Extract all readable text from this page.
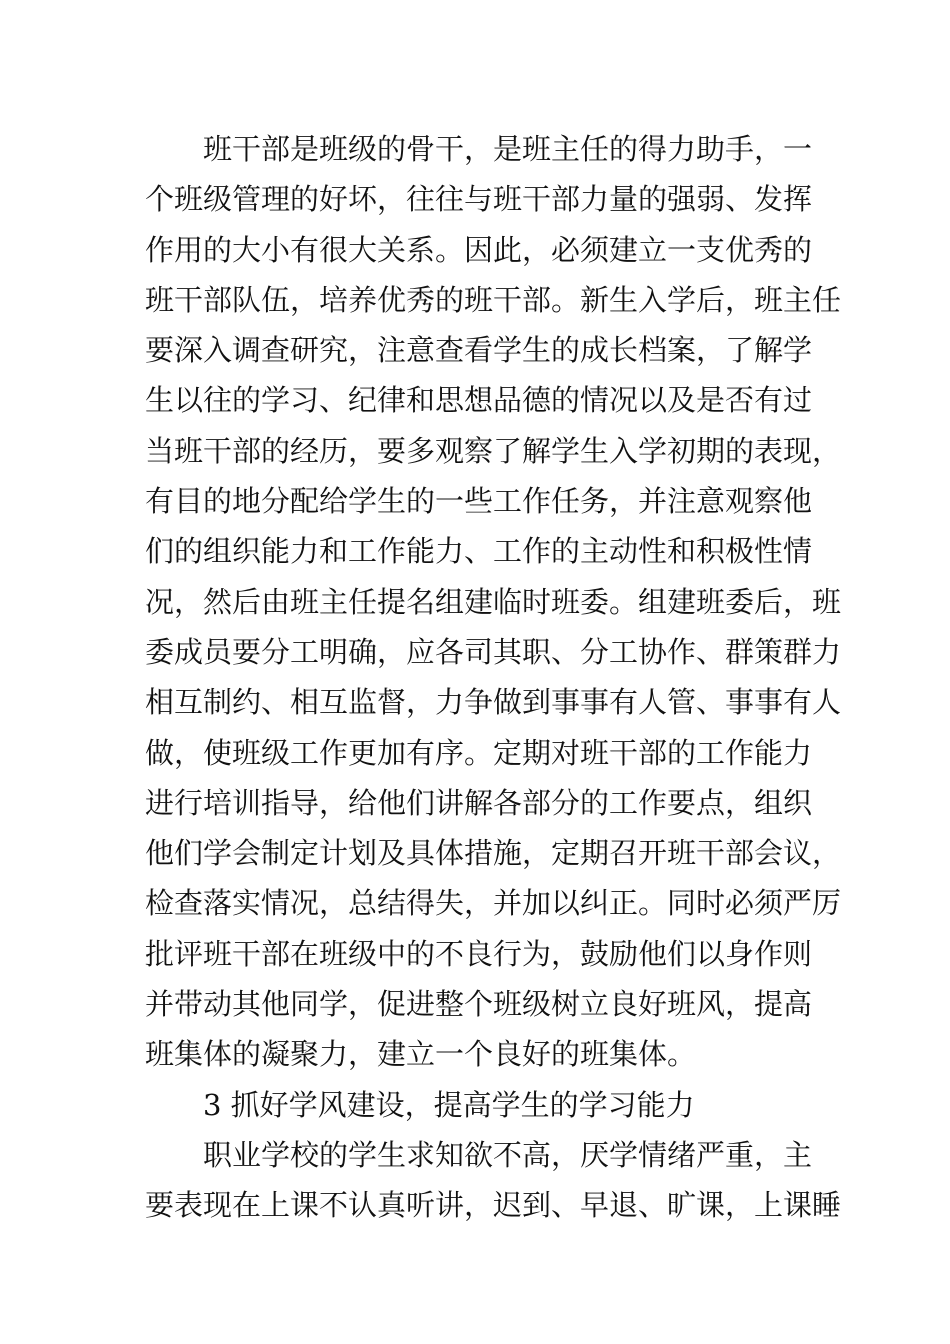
班干部是班级的骨干，是班主任的得力助手，一
个班级管理的好坏，往往与班干部力量的强弱、发挥
作用的大小有很大关系。因此，必须建立一支优秀的
班干部队伍，培养优秀的班干部。新生入学后，班主任
要深入调查研究，注意查看学生的成长档案，了解学
生以往的学习、纪律和思想品德的情况以及是否有过
当班干部的经历，要多观察了解学生入学初期的表现，
有目的地分配给学生的一些工作任务，并注意观察他
们的组织能力和工作能力、工作的主动性和积极性情
况，然后由班主任提名组建临时班委。组建班委后，班
委成员要分工明确，应各司其职、分工协作、群策群力
相互制约、相互监督，力争做到事事有人管、事事有人
做，使班级工作更加有序。定期对班干部的工作能力
进行培训指导，给他们讲解各部分的工作要点，组织
他们学会制定计划及具体措施，定期召开班干部会议，
检查落实情况，总结得失，并加以纠正。同时必须严厉
批评班干部在班级中的不良行为，鼓励他们以身作则
并带动其他同学，促进整个班级树立良好班风，提高
班集体的凝聚力，建立一个良好的班集体。
3 抓好学风建设，提高学生的学习能力
职业学校的学生求知欲不高，厌学情绪严重，主
要表现在上课不认真听讲，迟到、早退、旷课，上课睡
